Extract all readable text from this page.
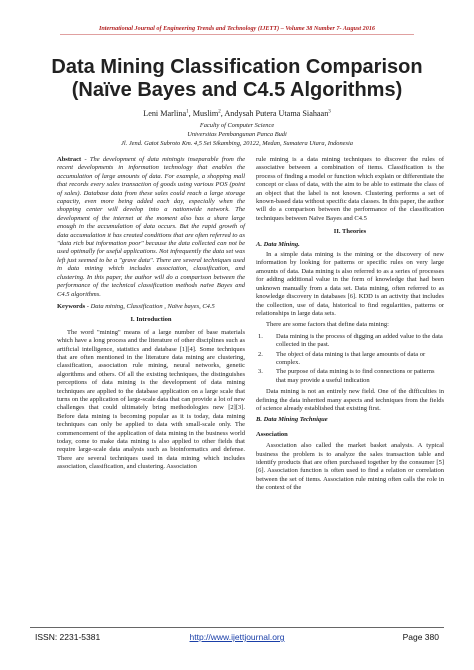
International Journal of Engineering Trends and Technology (IJETT) – Volume 38 Number 7- August 2016
Data Mining Classification Comparison (Naïve Bayes and C4.5 Algorithms)
Leni Marlina$^1$, Muslim$^2$, Andysah Putera Utama Siahaan$^3$
Faculty of Computer Science
Universitas Pembangunan Panca Budi
Jl. Jend. Gatot Subroto Km. 4,5 Sei Sikambing, 20122, Medan, Sumatera Utara, Indonesia

Abstract - The development of data miningis inseparable from the recent developments in information technology that enables the accumulation of large amounts of data. For example, a shopping mall that records every sales transaction of goods using various POS (point of sales). Database data from these sales could reach a large storage capacity, even more being added each day, especially when the shopping center will develop into a nationwide network. The development of the internet at the moment also has a share large enough in the accumulation of data occurs. But the rapid growth of data accumulation it has created conditions that are often referred to as "data rich but information poor" because the data collected can not be used optimally for useful applications. Not infrequently the data set was left just seemed to be a "grave data". There are several techniques used in data mining which includes association, classification, and clustering. In this paper, the author will do a comparison between the performance of the technical classification methods naïve Bayes and C4.5 algorithms.

Keywords - Data mining, Classification , Naïve bayes, C4.5

I. Introduction

The word "mining" means of a large number of base materials which have a long process and the literature of other disciplines such as artificial intelligence, statistics and database [1][4]. Some techniques that are often mentioned in the literature data mining are clustering, classification, association rule mining, neural networks, genetic algorithms and others. Of all the existing techniques, the distinguishes perceptions of data mining is the development of data mining techniques are applied to the database application on a large scale that turns on the application of large-scale data that can provide a lot of new challenges that could ultimately bring methodologies new [2][3]. Before data mining is becoming popular as it is today, data mining techniques can only be applied to data with small-scale only. The commencement of the application of data mining in the business world today, come to make data mining is also applied to other fields that require large-scale data analysis such as bioinformatics and defense. There are several techniques used in data mining which includes association, classification, and clustering. Association

rule mining is a data mining techniques to discover the rules of associative between a combination of items. Classification is the process of finding a model or function which explain or differentiate the concept or class of data, with the aim to be able to estimate the class of an object that the label is not known. Clustering performs a set of known-based data without specific data classes. In this paper, the author will do a comparison between the performance of the classification techniques between Naïve Bayes and C4.5

II. Theories
A. Data Mining.

In a simple data mining is the mining or the discovery of new information by looking for patterns or specific rules on very large amounts of data. Data mining is also referred to as a series of processes for adding additional value in the form of knowledge that had been unknown manually from a data set. Data mining, often referred to as knowledge discovery in databases [6]. KDD is an activity that includes the collection, use of data, historical to find regularities, patterns or relationships in large data sets.

There are some factors that define data mining:

1.	Data mining is the process of digging an added value to the data collected in the past.
2.	The object of data mining is that large amounts of data or complex.
3.	The purpose of data mining is to find connections or patterns that may provide a useful indication

Data mining is not an entirely new field. One of the difficulties in defining the data inherited many aspects and techniques from the fields of science already established that existing first.

B. Data Mining Technique
Association

Association also called the market basket analysis. A typical business the problem is to analyze the sales transaction table and identify products that are often purchased together by the consumer [5][6]. Association function is often used to find a relation or correlation between the set of items. Association rule mining often calls the role in the context of the

ISSN: 2231-5381	http://www.ijettjournal.org	Page 380
